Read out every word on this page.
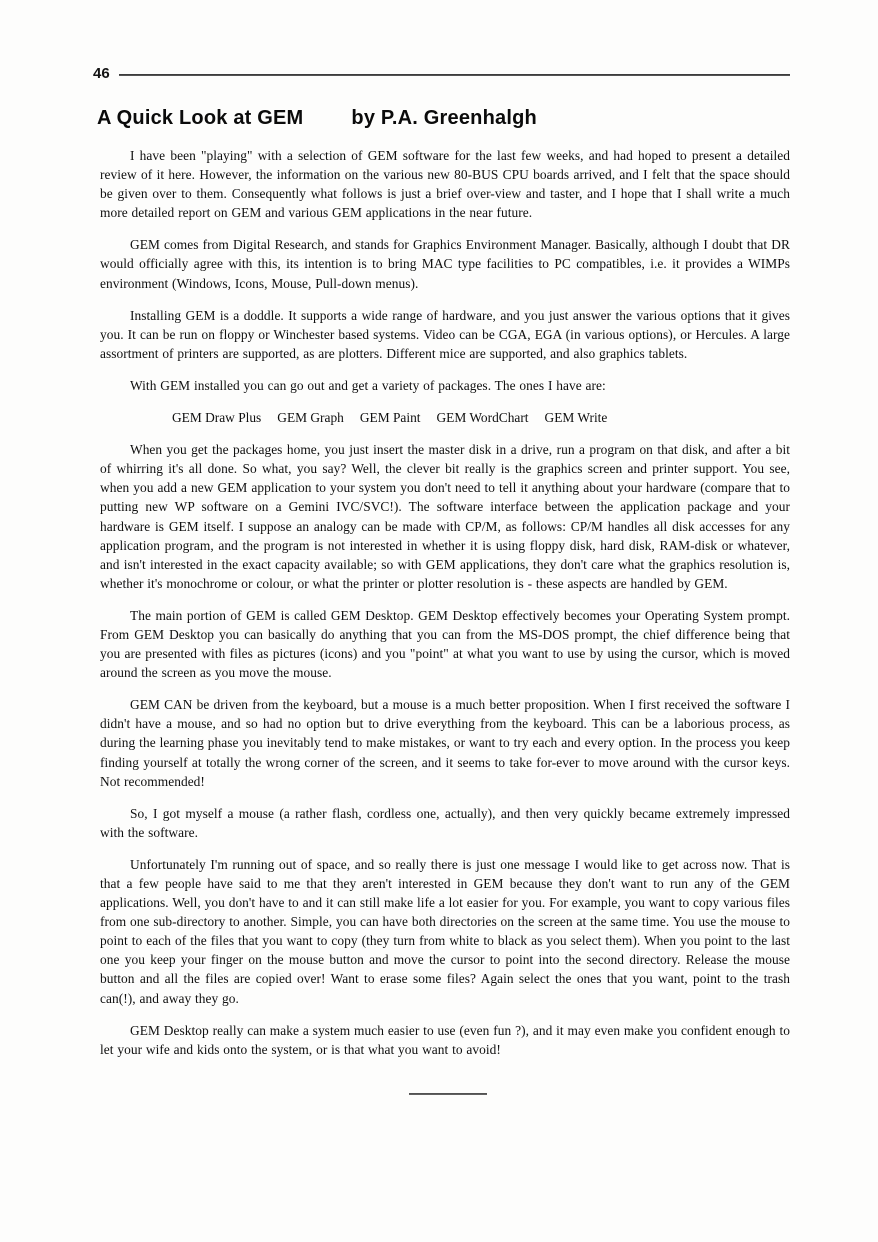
46
A Quick Look at GEM by P.A. Greenhalgh

I have been "playing" with a selection of GEM software for the last few weeks, and had hoped to present a detailed review of it here. However, the information on the various new 80-BUS CPU boards arrived, and I felt that the space should be given over to them. Consequently what follows is just a brief over-view and taster, and I hope that I shall write a much more detailed report on GEM and various GEM applications in the near future.

GEM comes from Digital Research, and stands for Graphics Environment Manager. Basically, although I doubt that DR would officially agree with this, its intention is to bring MAC type facilities to PC compatibles, i.e. it provides a WIMPs environment (Windows, Icons, Mouse, Pull-down menus).

Installing GEM is a doddle. It supports a wide range of hardware, and you just answer the various options that it gives you. It can be run on floppy or Winchester based systems. Video can be CGA, EGA (in various options), or Hercules. A large assortment of printers are supported, as are plotters. Different mice are supported, and also graphics tablets.

With GEM installed you can go out and get a variety of packages. The ones I have are:

GEM Draw Plus GEM Graph GEM Paint GEM WordChart GEM Write

When you get the packages home, you just insert the master disk in a drive, run a program on that disk, and after a bit of whirring it's all done. So what, you say? Well, the clever bit really is the graphics screen and printer support. You see, when you add a new GEM application to your system you don't need to tell it anything about your hardware (compare that to putting new WP software on a Gemini IVC/SVC!). The software interface between the application package and your hardware is GEM itself. I suppose an analogy can be made with CP/M, as follows: CP/M handles all disk accesses for any application program, and the program is not interested in whether it is using floppy disk, hard disk, RAM-disk or whatever, and isn't interested in the exact capacity available; so with GEM applications, they don't care what the graphics resolution is, whether it's monochrome or colour, or what the printer or plotter resolution is - these aspects are handled by GEM.

The main portion of GEM is called GEM Desktop. GEM Desktop effectively becomes your Operating System prompt. From GEM Desktop you can basically do anything that you can from the MS-DOS prompt, the chief difference being that you are presented with files as pictures (icons) and you "point" at what you want to use by using the cursor, which is moved around the screen as you move the mouse.

GEM CAN be driven from the keyboard, but a mouse is a much better proposition. When I first received the software I didn't have a mouse, and so had no option but to drive everything from the keyboard. This can be a laborious process, as during the learning phase you inevitably tend to make mistakes, or want to try each and every option. In the process you keep finding yourself at totally the wrong corner of the screen, and it seems to take for-ever to move around with the cursor keys. Not recommended!

So, I got myself a mouse (a rather flash, cordless one, actually), and then very quickly became extremely impressed with the software.

Unfortunately I'm running out of space, and so really there is just one message I would like to get across now. That is that a few people have said to me that they aren't interested in GEM because they don't want to run any of the GEM applications. Well, you don't have to and it can still make life a lot easier for you. For example, you want to copy various files from one sub-directory to another. Simple, you can have both directories on the screen at the same time. You use the mouse to point to each of the files that you want to copy (they turn from white to black as you select them). When you point to the last one you keep your finger on the mouse button and move the cursor to point into the second directory. Release the mouse button and all the files are copied over! Want to erase some files? Again select the ones that you want, point to the trash can(!), and away they go.

GEM Desktop really can make a system much easier to use (even fun ?), and it may even make you confident enough to let your wife and kids onto the system, or is that what you want to avoid!
